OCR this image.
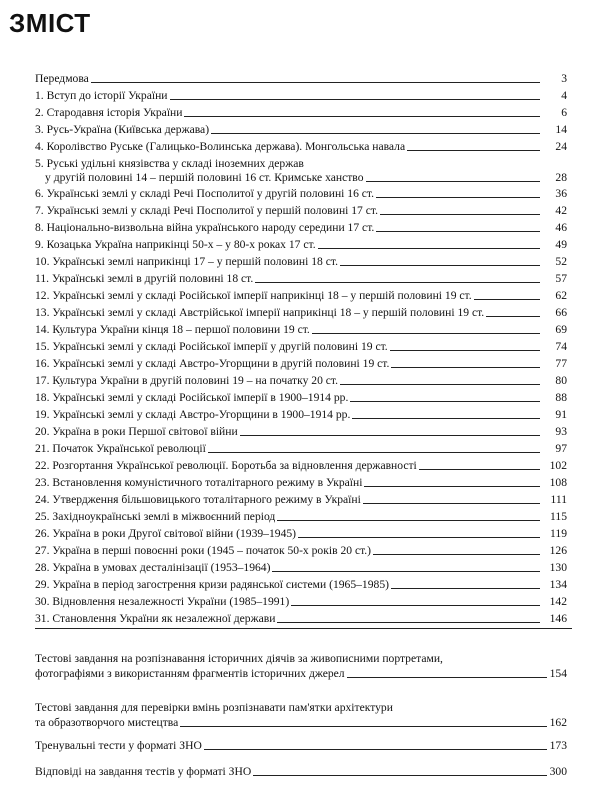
ЗМІСТ
Передмова	3
1. Вступ до історії України	4
2. Стародавня історія України	6
3. Русь-Україна (Київська держава)	14
4. Королівство Руське (Галицько-Волинська держава). Монгольська навала	24
5. Руські удільні князівства у складі іноземних держав
у другій половині 14 – першій половині 16 ст. Кримське ханство	28
6. Українські землі у складі Речі Посполитої у другій половині 16 ст.	36
7. Українські землі у складі Речі Посполитої у першій половині 17 ст.	42
8. Національно-визвольна війна українського народу середини 17 ст.	46
9. Козацька Україна наприкінці 50-х – у 80-х роках 17 ст.	49
10. Українські землі наприкінці 17 – у першій половині 18 ст.	52
11. Українські землі в другій половині 18 ст.	57
12. Українські землі у складі Російської імперії наприкінці 18 – у першій половині 19 ст.	62
13. Українські землі у складі Австрійської імперії наприкінці 18 – у першій половині 19 ст.	66
14. Культура України кінця 18 – першої половини 19 ст.	69
15. Українські землі у складі Російської імперії у другій половині 19 ст.	74
16. Українські землі у складі Австро-Угорщини в другій половині 19 ст.	77
17. Культура України в другій половині 19 – на початку 20 ст.	80
18. Українські землі у складі Російської імперії в 1900–1914 рр.	88
19. Українські землі у складі Австро-Угорщини в 1900–1914 рр.	91
20. Україна в роки Першої світової війни	93
21. Початок Української революції	97
22. Розгортання Української революції. Боротьба за відновлення державності	102
23. Встановлення комуністичного тоталітарного режиму в Україні	108
24. Утвердження більшовицького тоталітарного режиму в Україні	111
25. Західноукраїнські землі в міжвоєнний період	115
26. Україна в роки Другої світової війни (1939–1945)	119
27. Україна в перші повоєнні роки (1945 – початок 50-х років 20 ст.)	126
28. Україна в умовах десталінізації (1953–1964)	130
29. Україна в період загострення кризи радянської системи (1965–1985)	134
30. Відновлення незалежності України (1985–1991)	142
31. Становлення України як незалежної держави	146
Тестові завдання на розпізнавання історичних діячів за живописними портретами,
фотографіями з використанням фрагментів історичних джерел	154
Тестові завдання для перевірки вмінь розпізнавати пам'ятки архітектури
та образотворчого мистецтва	162
Тренувальні тести у форматі ЗНО	173
Відповіді на завдання тестів у форматі ЗНО	300
